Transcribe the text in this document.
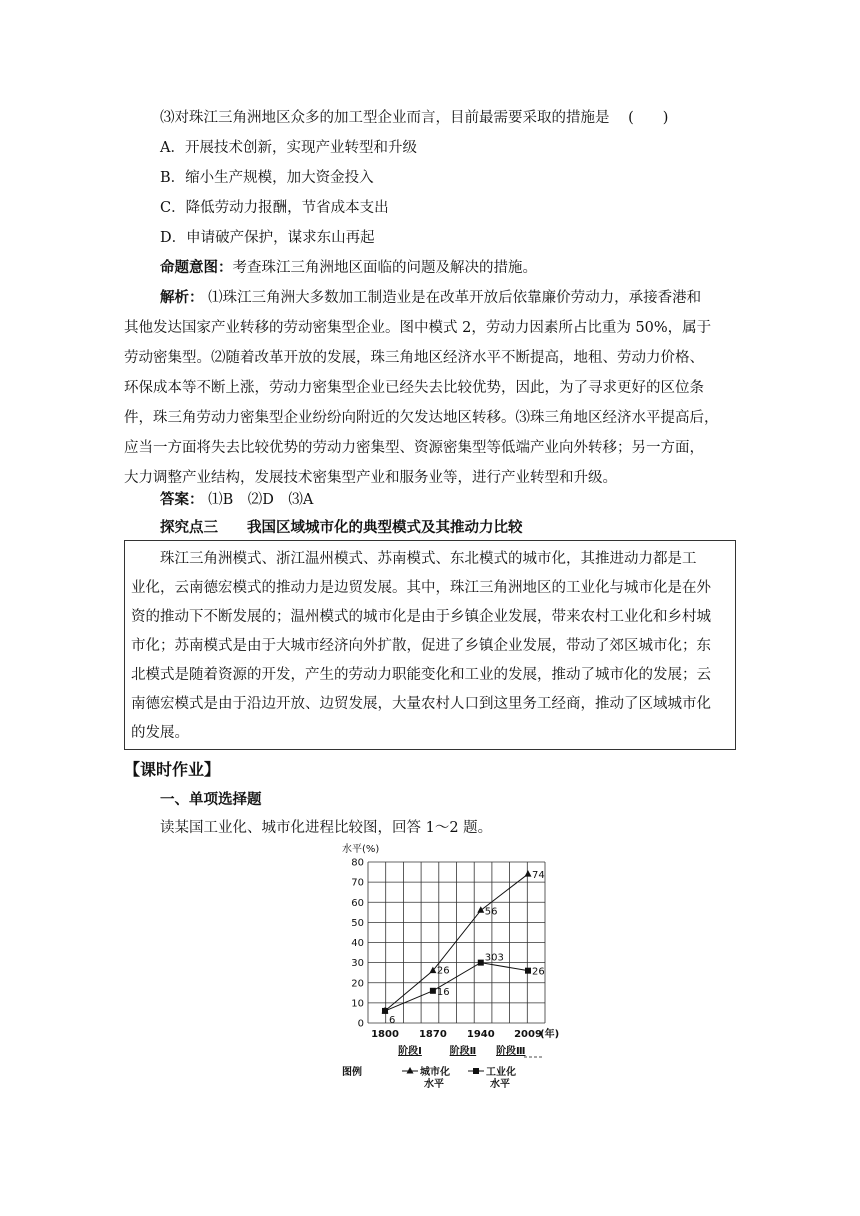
⑶对珠江三角洲地区众多的加工型企业而言，目前最需要采取的措施是 (　　)
A．开展技术创新，实现产业转型和升级
B．缩小生产规模，加大资金投入
C．降低劳动力报酬，节省成本支出
D．申请破产保护，谋求东山再起
命题意图：考查珠江三角洲地区面临的问题及解决的措施。
解析： ⑴珠江三角洲大多数加工制造业是在改革开放后依靠廉价劳动力，承接香港和
其他发达国家产业转移的劳动密集型企业。图中模式 2，劳动力因素所占比重为 50%，属于
劳动密集型。⑵随着改革开放的发展，珠三角地区经济水平不断提高，地租、劳动力价格、
环保成本等不断上涨，劳动力密集型企业已经失去比较优势，因此，为了寻求更好的区位条
件，珠三角劳动力密集型企业纷纷向附近的欠发达地区转移。⑶珠三角地区经济水平提高后，
应当一方面将失去比较优势的劳动力密集型、资源密集型等低端产业向外转移；另一方面，
大力调整产业结构，发展技术密集型产业和服务业等，进行产业转型和升级。
答案： ⑴B　⑵D　⑶A
探究点三　　我国区域城市化的典型模式及其推动力比较
　　珠江三角洲模式、浙江温州模式、苏南模式、东北模式的城市化，其推进动力都是工
业化，云南德宏模式的推动力是边贸发展。其中，珠江三角洲地区的工业化与城市化是在外
资的推动下不断发展的；温州模式的城市化是由于乡镇企业发展，带来农村工业化和乡村城
市化；苏南模式是由于大城市经济向外扩散，促进了乡镇企业发展，带动了郊区城市化；东
北模式是随着资源的开发，产生的劳动力职能变化和工业的发展，推动了城市化的发展；云
南德宏模式是由于沿边开放、边贸发展，大量农村人口到这里务工经商，推动了区域城市化
的发展。
【课时作业】
一、单项选择题
读某国工业化、城市化进程比较图，回答 1～2 题。
0
10
20
30
40
50
60
70
80
水平(%)
1800 1870 1940 2009
(年)
阶段Ⅰ	阶段Ⅱ 阶段Ⅲ
6
26
56
74
16
303
26
图例	城市化
水平
工业化
水平
